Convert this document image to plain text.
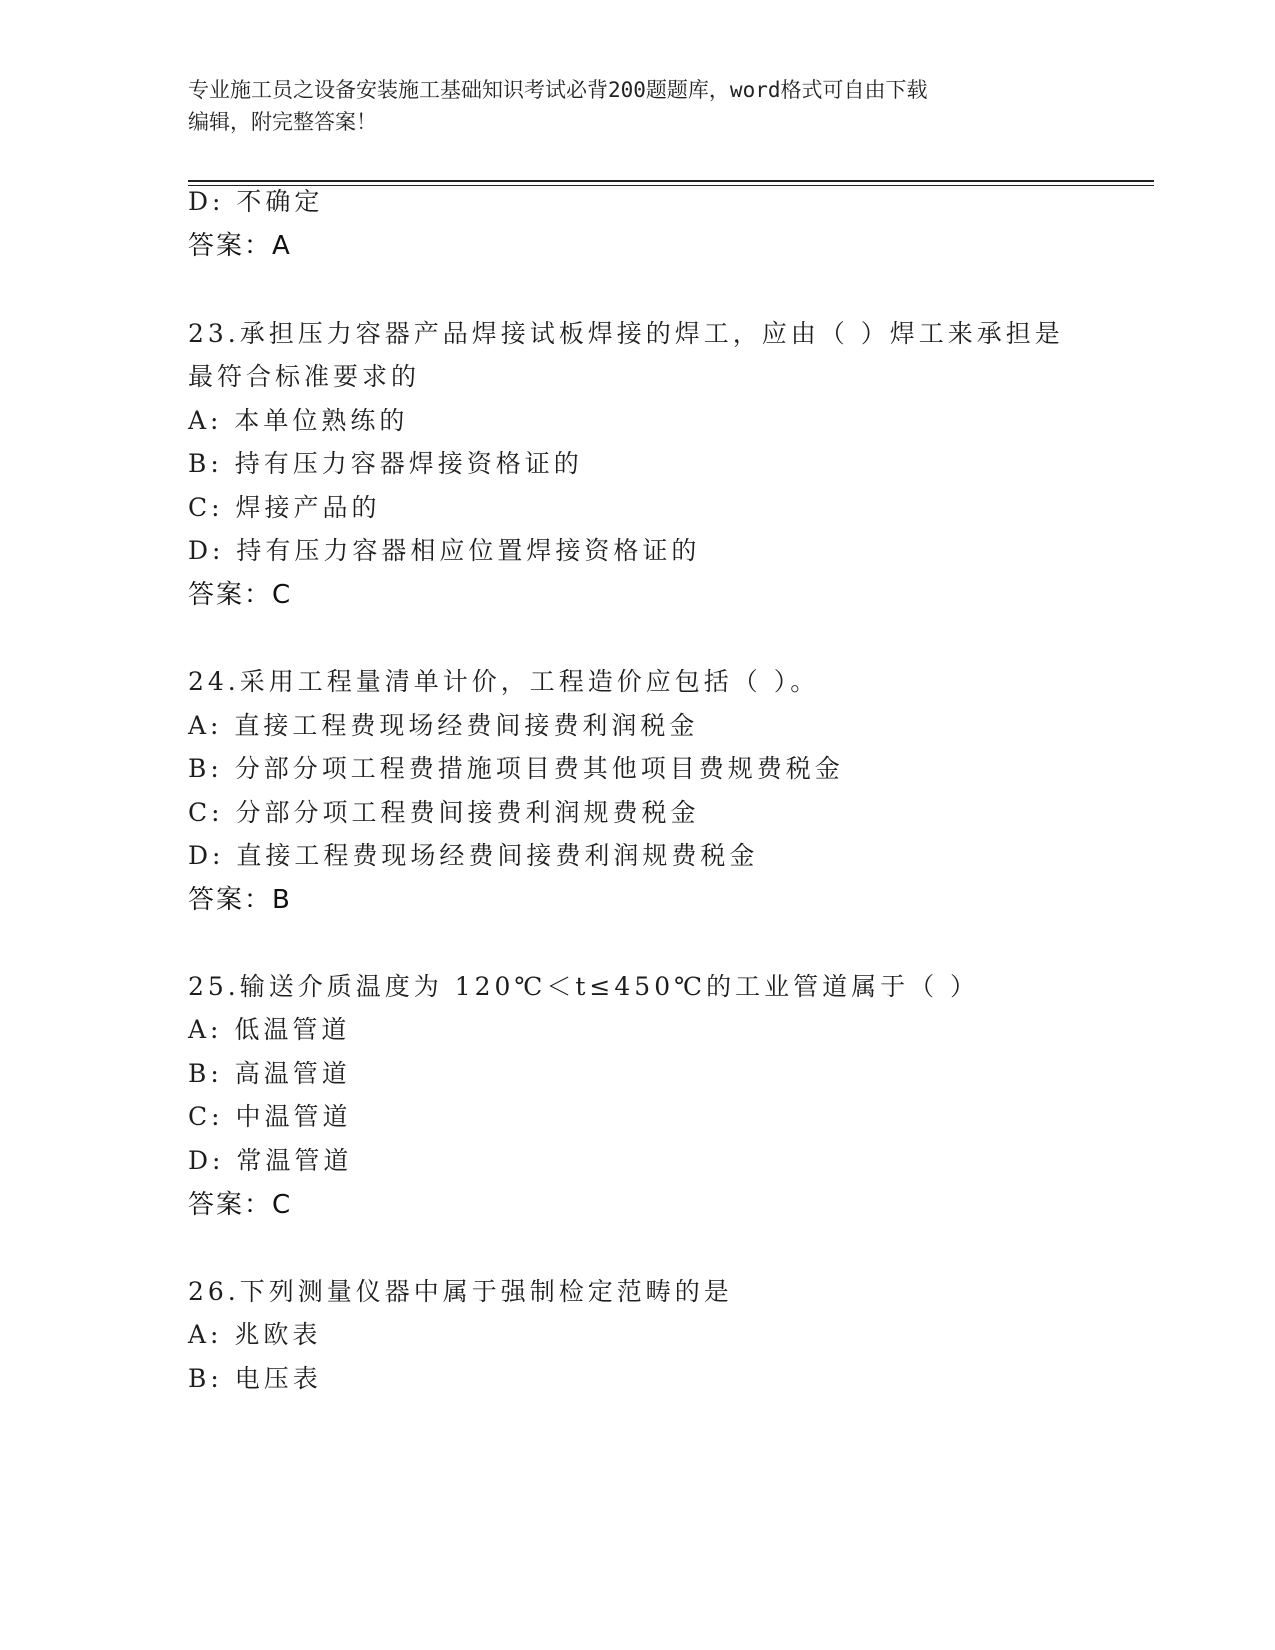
专业施工员之设备安装施工基础知识考试必背200题题库，word格式可自由下载
编辑，附完整答案！
D: 不确定
答案：A
23.承担压力容器产品焊接试板焊接的焊工，应由（ ）焊工来承担是
最符合标准要求的
A: 本单位熟练的
B: 持有压力容器焊接资格证的
C: 焊接产品的
D: 持有压力容器相应位置焊接资格证的
答案：C
24.采用工程量清单计价，工程造价应包括（ ）。
A: 直接工程费现场经费间接费利润税金
B: 分部分项工程费措施项目费其他项目费规费税金
C: 分部分项工程费间接费利润规费税金
D: 直接工程费现场经费间接费利润规费税金
答案：B
25.输送介质温度为 120℃＜t≤450℃的工业管道属于（ ）
A: 低温管道
B: 高温管道
C: 中温管道
D: 常温管道
答案：C
26.下列测量仪器中属于强制检定范畴的是
A: 兆欧表
B: 电压表
